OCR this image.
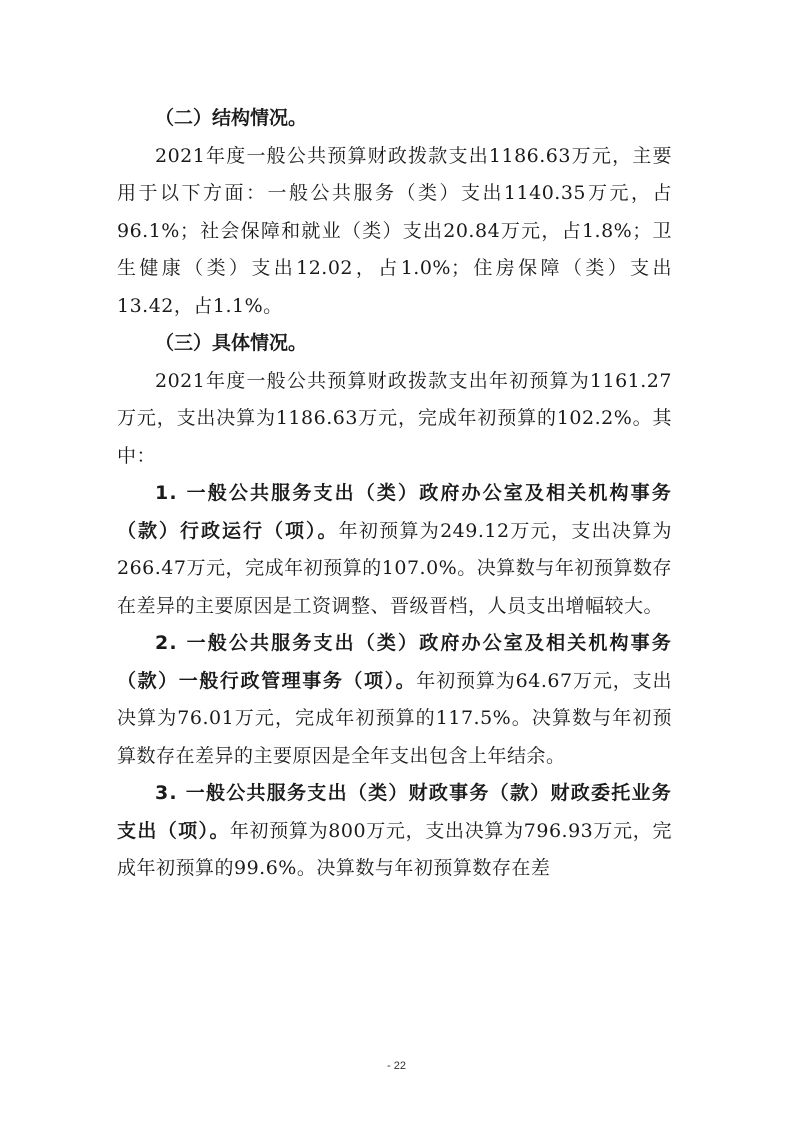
（二）结构情况。

2021年度一般公共预算财政拨款支出1186.63万元，主要用于以下方面：一般公共服务（类）支出1140.35万元，占96.1%；社会保障和就业（类）支出20.84万元，占1.8%；卫生健康（类）支出12.02，占1.0%；住房保障（类）支出13.42，占1.1%。

（三）具体情况。

2021年度一般公共预算财政拨款支出年初预算为1161.27万元，支出决算为1186.63万元，完成年初预算的102.2%。其中：

1. 一般公共服务支出（类）政府办公室及相关机构事务（款）行政运行（项）。年初预算为249.12万元，支出决算为266.47万元，完成年初预算的107.0%。决算数与年初预算数存在差异的主要原因是工资调整、晋级晋档，人员支出增幅较大。

2. 一般公共服务支出（类）政府办公室及相关机构事务（款）一般行政管理事务（项）。年初预算为64.67万元，支出决算为76.01万元，完成年初预算的117.5%。决算数与年初预算数存在差异的主要原因是全年支出包含上年结余。

3. 一般公共服务支出（类）财政事务（款）财政委托业务支出（项）。年初预算为800万元，支出决算为796.93万元，完成年初预算的99.6%。决算数与年初预算数存在差

- 22
